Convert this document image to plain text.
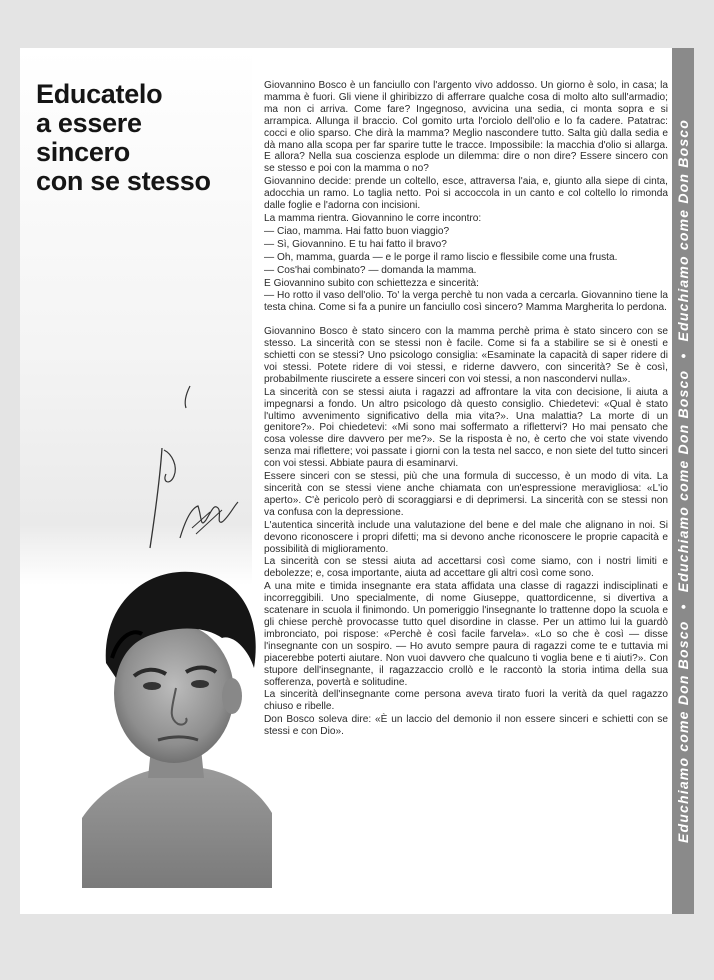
Educatelo
a essere
sincero
con se stesso

Giovannino Bosco è un fanciullo con l'argento vivo addosso. Un giorno è solo, in casa; la mamma è fuori. Gli viene il ghiribizzo di afferrare qualche cosa di molto alto sull'armadio; ma non ci arriva. Come fare? Ingegnoso, avvicina una sedia, ci monta sopra e si arrampica. Allunga il braccio. Col gomito urta l'orciolo dell'olio e lo fa cadere. Patatrac: cocci e olio sparso. Che dirà la mamma? Meglio nascondere tutto. Salta giù dalla sedia e dà mano alla scopa per far sparire tutte le tracce. Impossibile: la macchia d'olio si allarga. E allora? Nella sua coscienza esplode un dilemma: dire o non dire? Essere sincero con se stesso e poi con la mamma o no?

Giovannino decide: prende un coltello, esce, attraversa l'aia, e, giunto alla siepe di cinta, adocchia un ramo. Lo taglia netto. Poi si accoccola in un canto e col coltello lo rimonda dalle foglie e l'adorna con incisioni.

La mamma rientra. Giovannino le corre incontro:

— Ciao, mamma. Hai fatto buon viaggio?

— Sì, Giovannino. E tu hai fatto il bravo?

— Oh, mamma, guarda — e le porge il ramo liscio e flessibile come una frusta.

— Cos'hai combinato? — domanda la mamma.

E Giovannino subito con schiettezza e sincerità:

— Ho rotto il vaso dell'olio. To' la verga perchè tu non vada a cercarla. Giovannino tiene la testa china. Come si fa a punire un fanciullo così sincero? Mamma Margherita lo perdona.

Giovannino Bosco è stato sincero con la mamma perchè prima è stato sincero con se stesso. La sincerità con se stessi non è facile. Come si fa a stabilire se si è onesti e schietti con se stessi? Uno psicologo consiglia: «Esaminate la capacità di saper ridere di voi stessi. Potete ridere di voi stessi, e riderne davvero, con sincerità? Se è così, probabilmente riuscirete a essere sinceri con voi stessi, a non nascondervi nulla».

La sincerità con se stessi aiuta i ragazzi ad affrontare la vita con decisione, li aiuta a impegnarsi a fondo. Un altro psicologo dà questo consiglio. Chiedetevi: «Qual è stato l'ultimo avvenimento significativo della mia vita?». Una malattia? La morte di un genitore?». Poi chiedetevi: «Mi sono mai soffermato a riflettervi? Ho mai pensato che cosa volesse dire davvero per me?». Se la risposta è no, è certo che voi state vivendo senza mai riflettere; voi passate i giorni con la testa nel sacco, e non siete del tutto sinceri con voi stessi. Abbiate paura di esaminarvi.

Essere sinceri con se stessi, più che una formula di successo, è un modo di vita. La sincerità con se stessi viene anche chiamata con un'espressione meravigliosa: «L'io aperto». C'è pericolo però di scoraggiarsi e di deprimersi. La sincerità con se stessi non va confusa con la depressione.

L'autentica sincerità include una valutazione del bene e del male che alignano in noi. Si devono riconoscere i propri difetti; ma si devono anche riconoscere le proprie capacità e possibilità di miglioramento.

La sincerità con se stessi aiuta ad accettarsi così come siamo, con i nostri limiti e debolezze; e, cosa importante, aiuta ad accettare gli altri così come sono.

A una mite e timida insegnante era stata affidata una classe di ragazzi indisciplinati e incorreggibili. Uno specialmente, di nome Giuseppe, quattordicenne, si divertiva a scatenare in scuola il finimondo. Un pomeriggio l'insegnante lo trattenne dopo la scuola e gli chiese perchè provocasse tutto quel disordine in classe. Per un attimo lui la guardò imbronciato, poi rispose: «Perchè è così facile farvela». «Lo so che è così — disse l'insegnante con un sospiro. — Ho avuto sempre paura di ragazzi come te e tuttavia mi piacerebbe poterti aiutare. Non vuoi davvero che qualcuno ti voglia bene e ti aiuti?». Con stupore dell'insegnante, il ragazzaccio crollò e le raccontò la storia intima della sua sofferenza, povertà e solitudine.

La sincerità dell'insegnante come persona aveva tirato fuori la verità da quel ragazzo chiuso e ribelle.

Don Bosco soleva dire: «È un laccio del demonio il non essere sinceri e schietti con se stessi e con Dio».	Educhiamo come Don Bosco • Educhiamo come Don Bosco • Educhiamo come Don Bosco
